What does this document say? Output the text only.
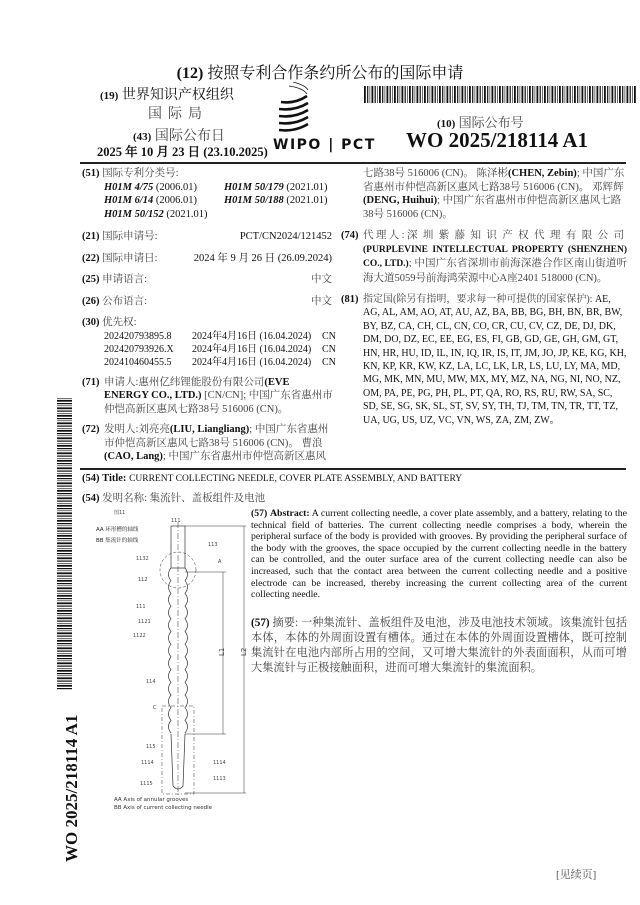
(12) 按照专利合作条约所公布的国际申请
(19) 世界知识产权组织
国际局
(43) 国际公布日
2025 年 10 月 23 日 (23.10.2025) WIPO | PCT
(10) 国际公布号
WO 2025/218114 A1
(51) 国际专利分类号:
H01M 4/75 (2006.01)	H01M 50/179 (2021.01)
H01M 6/14 (2006.01)	H01M 50/188 (2021.01)
H01M 50/152 (2021.01)
(21) 国际申请号:	PCT/CN2024/121452
(22) 国际申请日:	2024 年 9 月 26 日 (26.09.2024)
(25) 申请语言:	中文
(26) 公布语言:	中文
(30) 优先权:
202420793895.8	2024年4月16日 (16.04.2024)	CN
202420793926.X	2024年4月16日 (16.04.2024)	CN
202410460455.5	2024年4月16日 (16.04.2024)	CN
(71) 申请人:惠州亿纬锂能股份有限公司(EVE ENERGY CO., LTD.) [CN/CN]; 中国广东省惠州市仲恺高新区惠风七路38号 516006 (CN)。
(72) 发明人:刘亮亮(LIU, Liangliang); 中国广东省惠州市仲恺高新区惠风七路38号 516006 (CN)。 曹浪(CAO, Lang); 中国广东省惠州市仲恺高新区惠风
七路38号 516006 (CN)。 陈泽彬(CHEN, Zebin); 中国广东省惠州市仲恺高新区惠风七路38号 516006 (CN)。 邓辉辉(DENG, Huihui); 中国广东省惠州市仲恺高新区惠风七路38号 516006 (CN)。
(74) 代理人:深圳紫藤知识产权代理有限公司(PURPLEVINE INTELLECTUAL PROPERTY (SHENZHEN) CO., LTD.); 中国广东省深圳市前海深港合作区南山街道听海大道5059号前海鸿荣源中心A座2401 518000 (CN)。
(81) 指定国(除另有指明，要求每一种可提供的国家保护): AE, AG, AL, AM, AO, AT, AU, AZ, BA, BB, BG, BH, BN, BR, BW, BY, BZ, CA, CH, CL, CN, CO, CR, CU, CV, CZ, DE, DJ, DK, DM, DO, DZ, EC, EE, EG, ES, FI, GB, GD, GE, GH, GM, GT, HN, HR, HU, ID, IL, IN, IQ, IR, IS, IT, JM, JO, JP, KE, KG, KH, KN, KP, KR, KW, KZ, LA, LC, LK, LR, LS, LU, LY, MA, MD, MG, MK, MN, MU, MW, MX, MY, MZ, NA, NG, NI, NO, NZ, OM, PA, PE, PG, PH, PL, PT, QA, RO, RS, RU, RW, SA, SC, SD, SE, SG, SK, SL, ST, SV, SY, TH, TJ, TM, TN, TR, TT, TZ, UA, UG, US, UZ, VC, VN, WS, ZA, ZM, ZW。
(54) Title: CURRENT COLLECTING NEEDLE, COVER PLATE ASSEMBLY, AND BATTERY
(54) 发明名称: 集流针、盖板组件及电池
图11
AA 环形槽的轴线
BB 集流针的轴线
111
113
1132	A
112
111
1121
1122
114
C
115
1114	1114
1113
1115
L1 L2
AA Axis of annular grooves
BB Axis of current collecting needle
(57) Abstract: A current collecting needle, a cover plate assembly, and a battery, relating to the technical field of batteries. The current collecting needle comprises a body, wherein the peripheral surface of the body is provided with grooves. By providing the peripheral surface of the body with the grooves, the space occupied by the current collecting needle in the battery can be controlled, and the outer surface area of the current collecting needle can also be increased, such that the contact area between the current collecting needle and a positive electrode can be increased, thereby increasing the current collecting area of the current collecting needle.
(57) 摘要: 一种集流针、盖板组件及电池，涉及电池技术领域。该集流针包括本体，本体的外周面设置有槽体。通过在本体的外周面设置槽体，既可控制集流针在电池内部所占用的空间，又可增大集流针的外表面面积，从而可增大集流针与正极接触面积，进而可增大集流针的集流面积。
WO 2025/218114 A1
[见续页]
